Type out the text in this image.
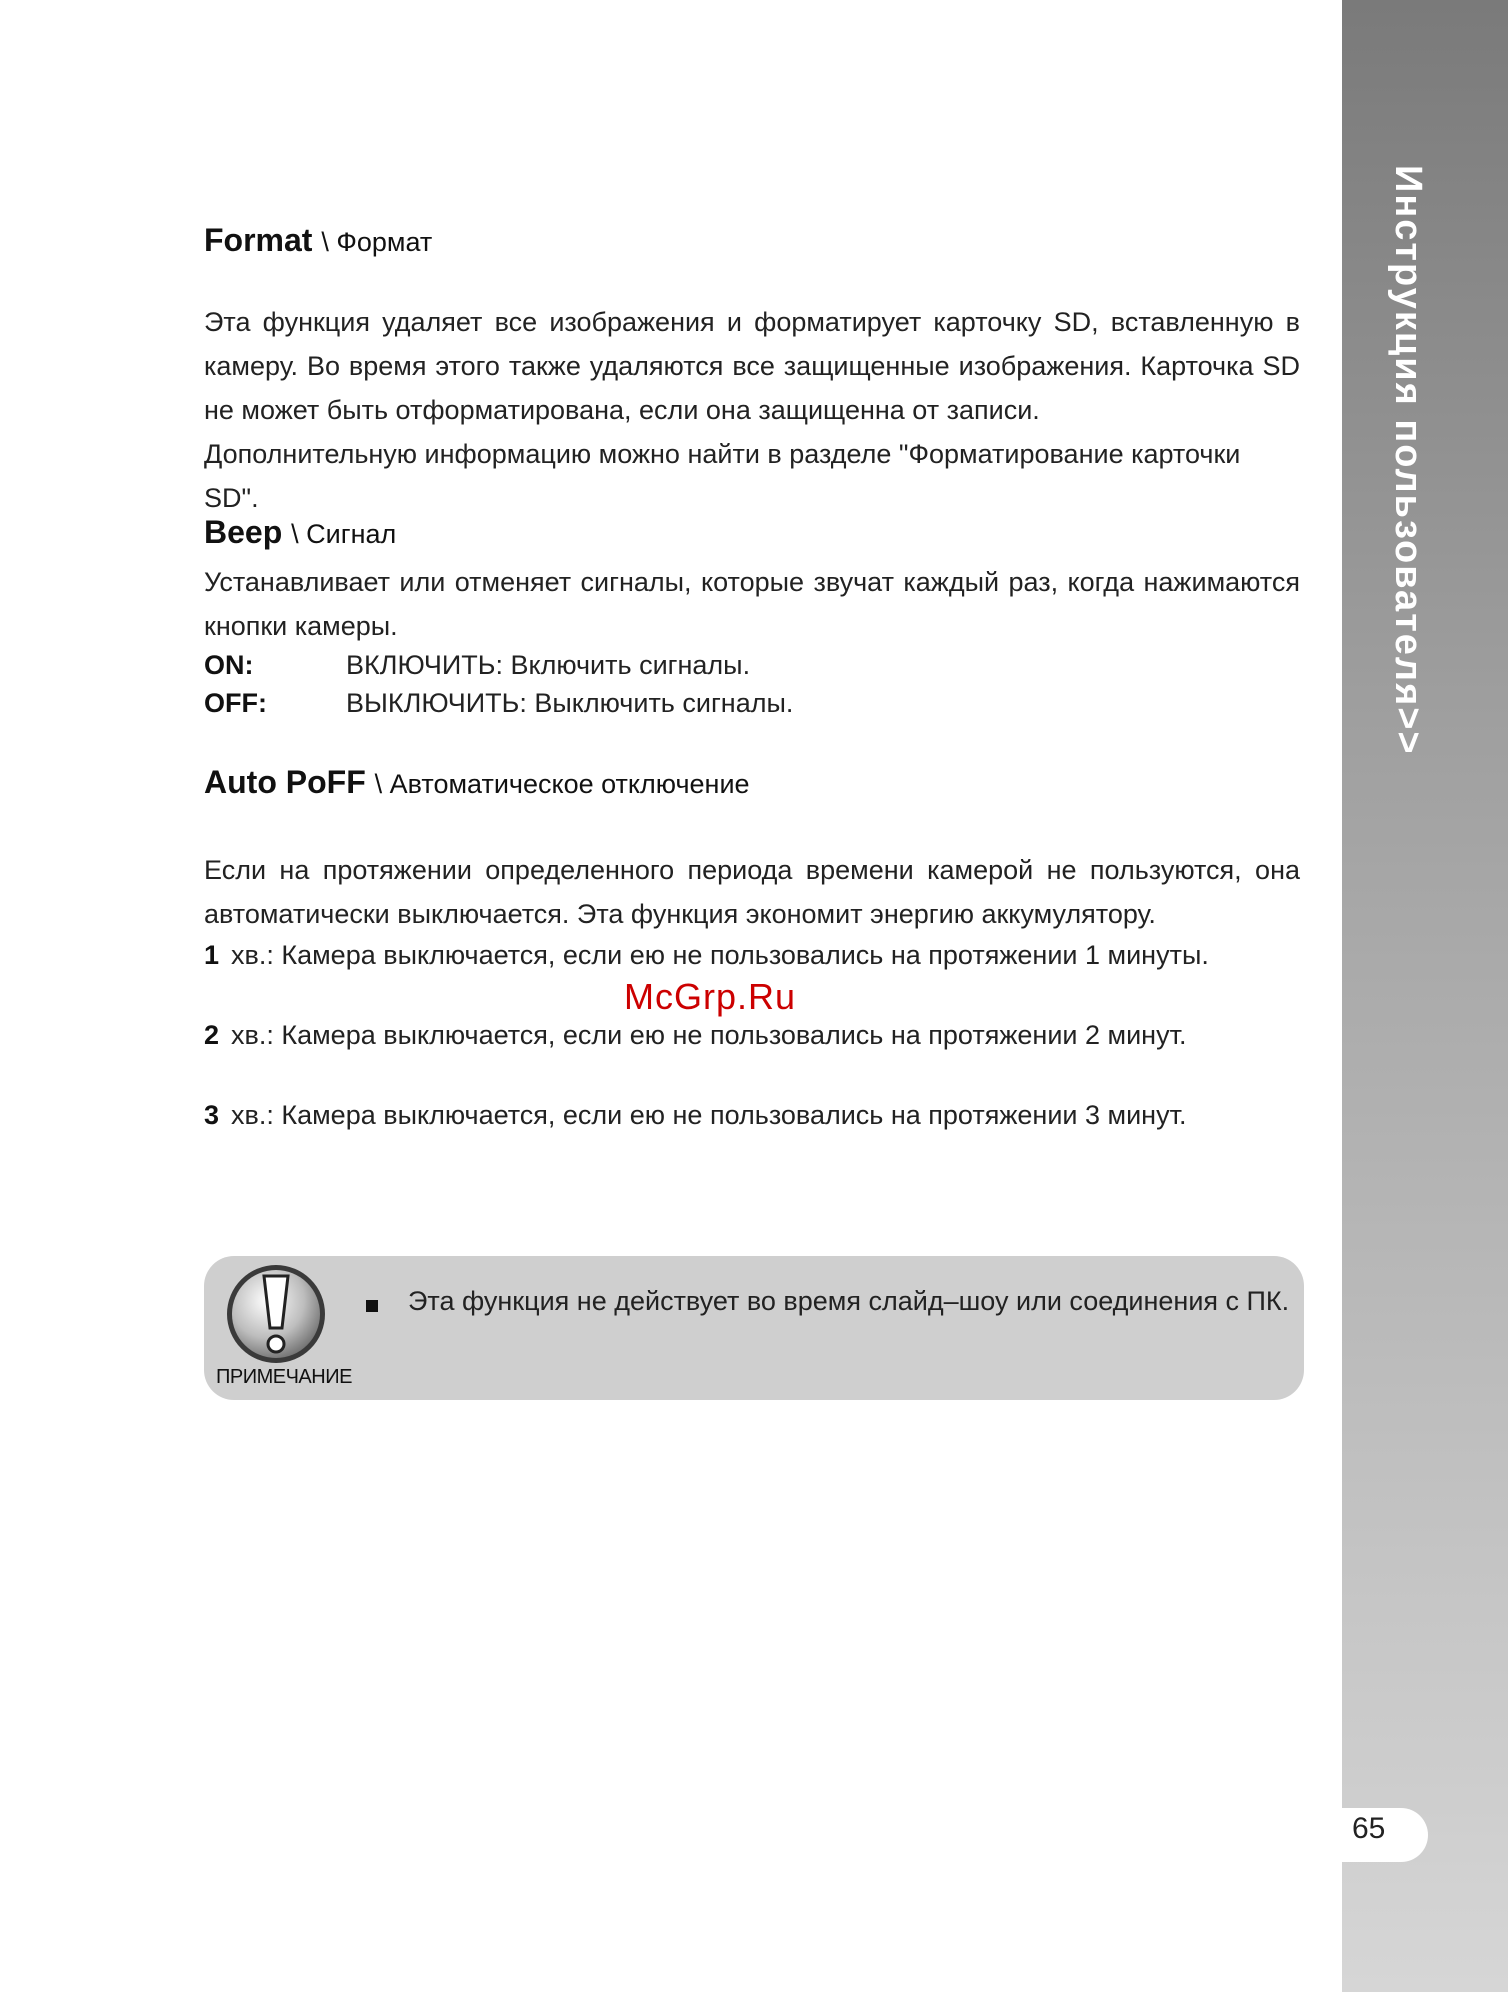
Инструкция пользователя>>
65
Format \ Формат

Эта функция удаляет все изображения и форматирует карточку SD, вставленную в камеру. Во время этого также удаляются все защищенные изображения. Карточка SD не может быть отформатирована, если она защищенна от записи.

Дополнительную информацию можно найти в разделе "Форматирование карточки SD".

Beep \ Сигнал
Устанавливает или отменяет сигналы, которые звучат каждый раз, когда нажимаются кнопки камеры.
ON:	ВКЛЮЧИТЬ: Включить сигналы.
OFF:	ВЫКЛЮЧИТЬ: Выключить сигналы.
Auto PoFF \ Автоматическое отключение
Если на протяжении определенного периода времени камерой не пользуются, она автоматически выключается. Эта функция экономит энергию аккумулятору.
1 хв.: Камера выключается, если ею не пользовались на протяжении 1 минуты.
McGrp.Ru
2 хв.: Камера выключается, если ею не пользовались на протяжении 2 минут.
3 хв.: Камера выключается, если ею не пользовались на протяжении 3 минут.
ПРИМЕЧАНИЕ
Эта функция не действует во время слайд–шоу или соединения с ПК.
